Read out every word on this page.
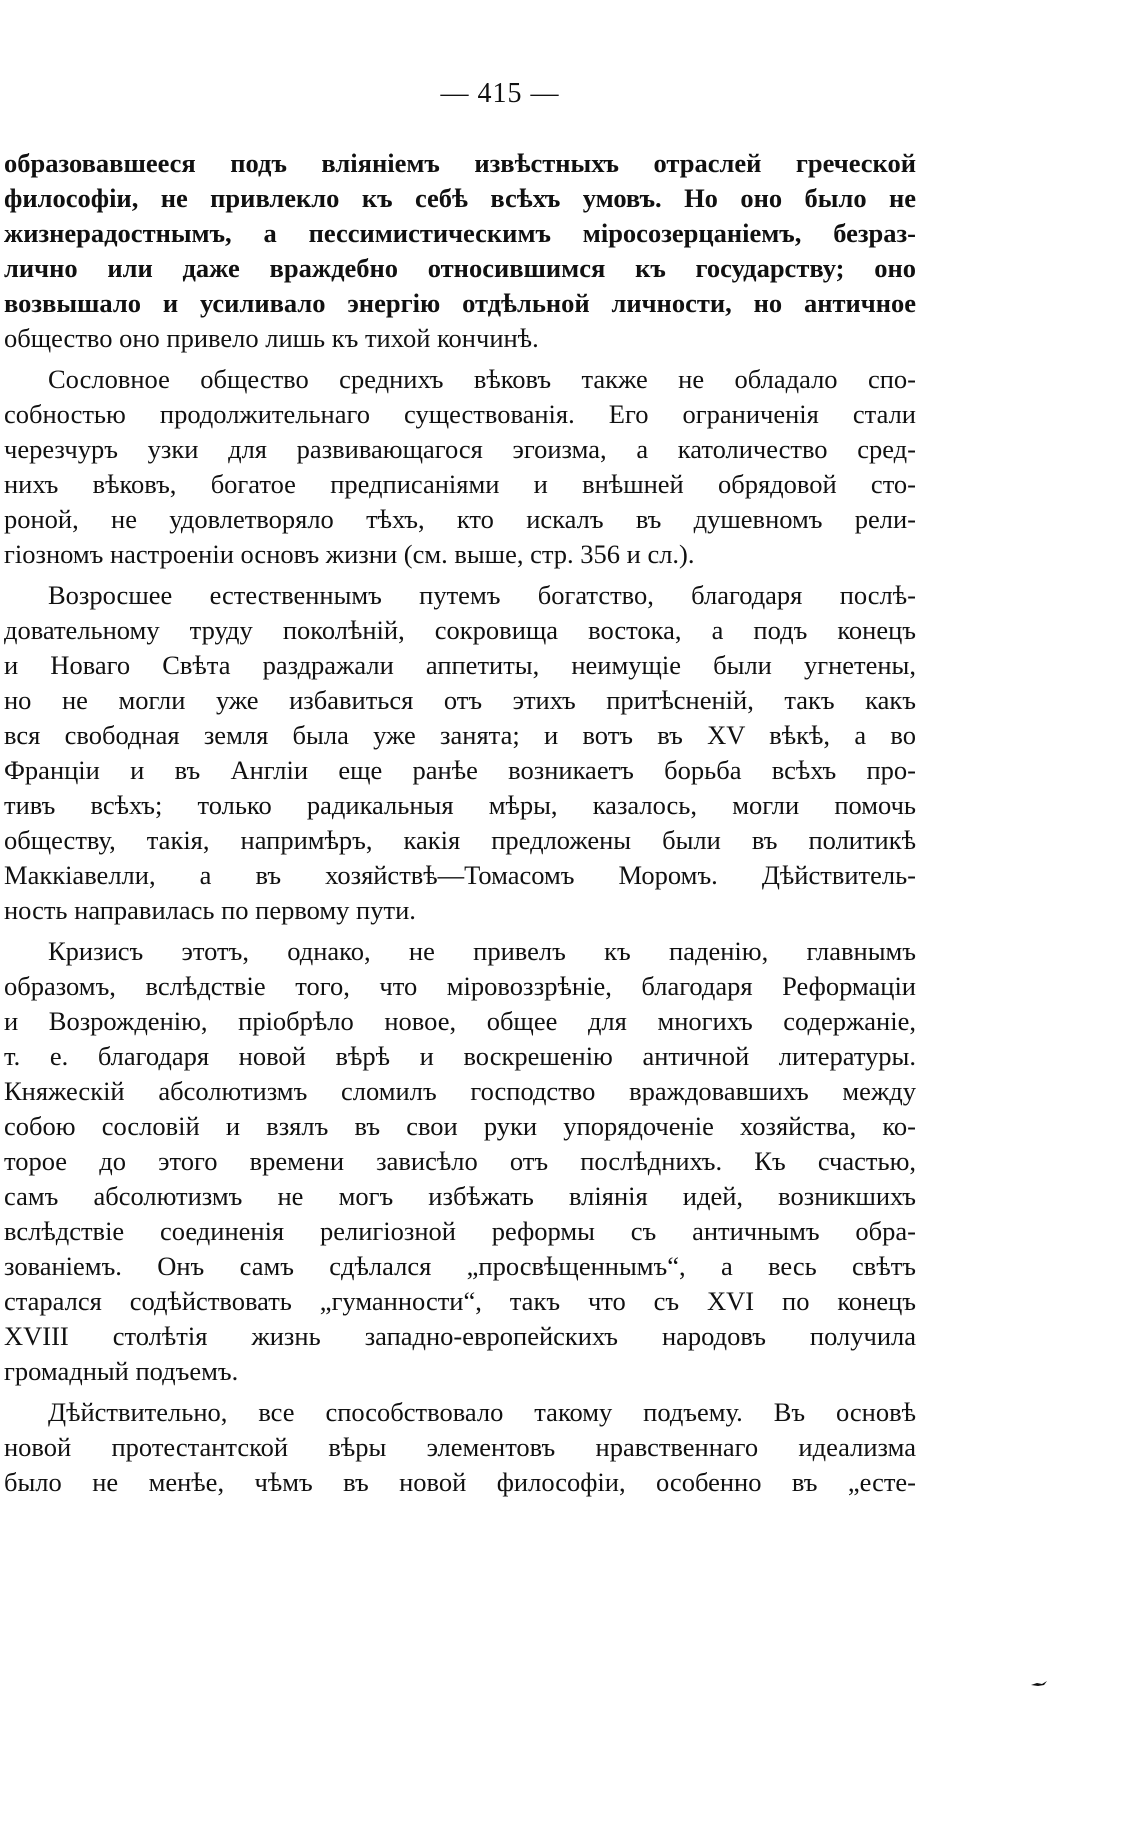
— 415 —
образовавшееся подъ вліяніемъ извѣстныхъ отраслей греческой
философіи, не привлекло къ себѣ всѣхъ умовъ. Но оно было не
жизнерадостнымъ, а пессимистическимъ міросозерцаніемъ, безраз-
лично или даже враждебно относившимся къ государству; оно
возвышало и усиливало энергію отдѣльной личности, но античное
общество оно привело лишь къ тихой кончинѣ.
Сословное общество среднихъ вѣковъ также не обладало спо-
собностью продолжительнаго существованія. Его ограниченія стали
черезчуръ узки для развивающагося эгоизма, а католичество сред-
нихъ вѣковъ, богатое предписаніями и внѣшней обрядовой сто-
роной, не удовлетворяло тѣхъ, кто искалъ въ душевномъ рели-
гіозномъ настроеніи основъ жизни (см. выше, стр. 356 и сл.).
Возросшее естественнымъ путемъ богатство, благодаря послѣ-
довательному труду поколѣній, сокровища востока, а подъ конецъ
и Новаго Свѣта раздражали аппетиты, неимущіе были угнетены,
но не могли уже избавиться отъ этихъ притѣсненій, такъ какъ
вся свободная земля была уже занята; и вотъ въ XV вѣкѣ, а во
Франціи и въ Англіи еще ранѣе возникаетъ борьба всѣхъ про-
тивъ всѣхъ; только радикальныя мѣры, казалось, могли помочь
обществу, такія, напримѣръ, какія предложены были въ политикѣ
Маккіавелли, а въ хозяйствѣ—Томасомъ Моромъ. Дѣйствитель-
ность направилась по первому пути.
Кризисъ этотъ, однако, не привелъ къ паденію, главнымъ
образомъ, вслѣдствіе того, что міровоззрѣніе, благодаря Реформаціи
и Возрожденію, пріобрѣло новое, общее для многихъ содержаніе,
т. е. благодаря новой вѣрѣ и воскрешенію античной литературы.
Княжескій абсолютизмъ сломилъ господство враждовавшихъ между
собою сословій и взялъ въ свои руки упорядоченіе хозяйства, ко-
торое до этого времени зависѣло отъ послѣднихъ. Къ счастью,
самъ абсолютизмъ не могъ избѣжать вліянія идей, возникшихъ
вслѣдствіе соединенія религіозной реформы съ античнымъ обра-
зованіемъ. Онъ самъ сдѣлался „просвѣщеннымъ“, а весь свѣтъ
старался содѣйствовать „гуманности“, такъ что съ XVI по конецъ
XVIII столѣтія жизнь западно-европейскихъ народовъ получила
громадный подъемъ.
Дѣйствительно, все способствовало такому подъему. Въ основѣ
новой протестантской вѣры элементовъ нравственнаго идеализма
было не менѣе, чѣмъ въ новой философіи, особенно въ „есте-
